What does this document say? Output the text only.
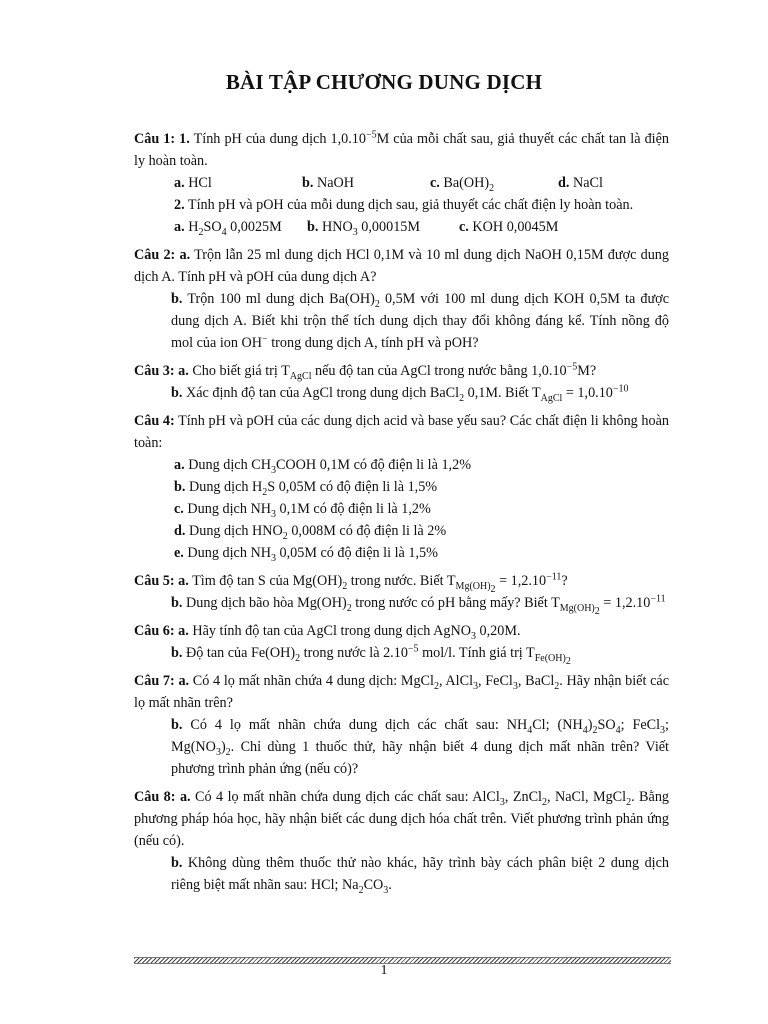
BÀI TẬP CHƯƠNG DUNG DỊCH

Câu 1: 1. Tính pH của dung dịch $1,0.10^{-5}M$ của mỗi chất sau, giả thuyết các chất tan là điện ly hoàn toàn.

a. HCl	b. NaOH	c. $Ba(OH)_2$	d. NaCl

2. Tính pH và pOH của mỗi dung dịch sau, giả thuyết các chất điện ly hoàn toàn.

a. $H_2SO_4$ 0,0025M	b. $HNO_3$ 0,00015M	c. KOH 0,0045M

Câu 2: a. Trộn lẫn 25 ml dung dịch HCl 0,1M và 10 ml dung dịch NaOH 0,15M được dung dịch A. Tính pH và pOH của dung dịch A?

b. Trộn 100 ml dung dịch $Ba(OH)_2$ 0,5M với 100 ml dung dịch KOH 0,5M ta được dung dịch A. Biết khi trộn thể tích dung dịch thay đổi không đáng kể. Tính nồng độ mol của ion OH− trong dung dịch A, tính pH và pOH?

Câu 3: a. Cho biết giá trị $T_{AgCl}$ nếu độ tan của AgCl trong nước bằng $1,0.10^{-5}M$?

b. Xác định độ tan của AgCl trong dung dịch BaCl$_2$ 0,1M. Biết $T_{AgCl} = 1,0.10^{-10}$

Câu 4: Tính pH và pOH của các dung dịch acid và base yếu sau? Các chất điện li không hoàn toàn:

a. Dung dịch $CH_3COOH$ 0,1M có độ điện li là 1,2%

b. Dung dịch $H_2S$ 0,05M có độ điện li là 1,5%

c. Dung dịch $NH_3$ 0,1M có độ điện li là 1,2%

d. Dung dịch $HNO_2$ 0,008M có độ điện li là 2%

e. Dung dịch $NH_3$ 0,05M có độ điện li là 1,5%

Câu 5: a. Tìm độ tan S của $Mg(OH)_2$ trong nước. Biết $T_{Mg(OH)_2} = 1,2.10^{-11}$?

b. Dung dịch bão hòa $Mg(OH)_2$ trong nước có pH bằng mấy? Biết $T_{Mg(OH)_2} = 1,2.10^{-11}$

Câu 6: a. Hãy tính độ tan của AgCl trong dung dịch AgNO$_3$ 0,20M.

b. Độ tan của $Fe(OH)_2$ trong nước là $2.10^{-5}$ mol/l. Tính giá trị $T_{Fe(OH)_2}$

Câu 7: a. Có 4 lọ mất nhãn chứa 4 dung dịch: MgCl$_2$, AlCl$_3$, FeCl$_3$, BaCl$_2$. Hãy nhận biết các lọ mất nhãn trên?

b. Có 4 lọ mất nhãn chứa dung dịch các chất sau: $NH_4Cl$; $(NH_4)_2SO_4$; FeCl$_3$; $Mg(NO_3)_2$. Chỉ dùng 1 thuốc thử, hãy nhận biết 4 dung dịch mất nhãn trên? Viết phương trình phản ứng (nếu có)?

Câu 8: a. Có 4 lọ mất nhãn chứa dung dịch các chất sau: AlCl$_3$, ZnCl$_2$, NaCl, MgCl$_2$. Bằng phương pháp hóa học, hãy nhận biết các dung dịch hóa chất trên. Viết phương trình phản ứng (nếu có).

b. Không dùng thêm thuốc thử nào khác, hãy trình bày cách phân biệt 2 dung dịch riêng biệt mất nhãn sau: HCl; $Na_2CO_3$.

1
